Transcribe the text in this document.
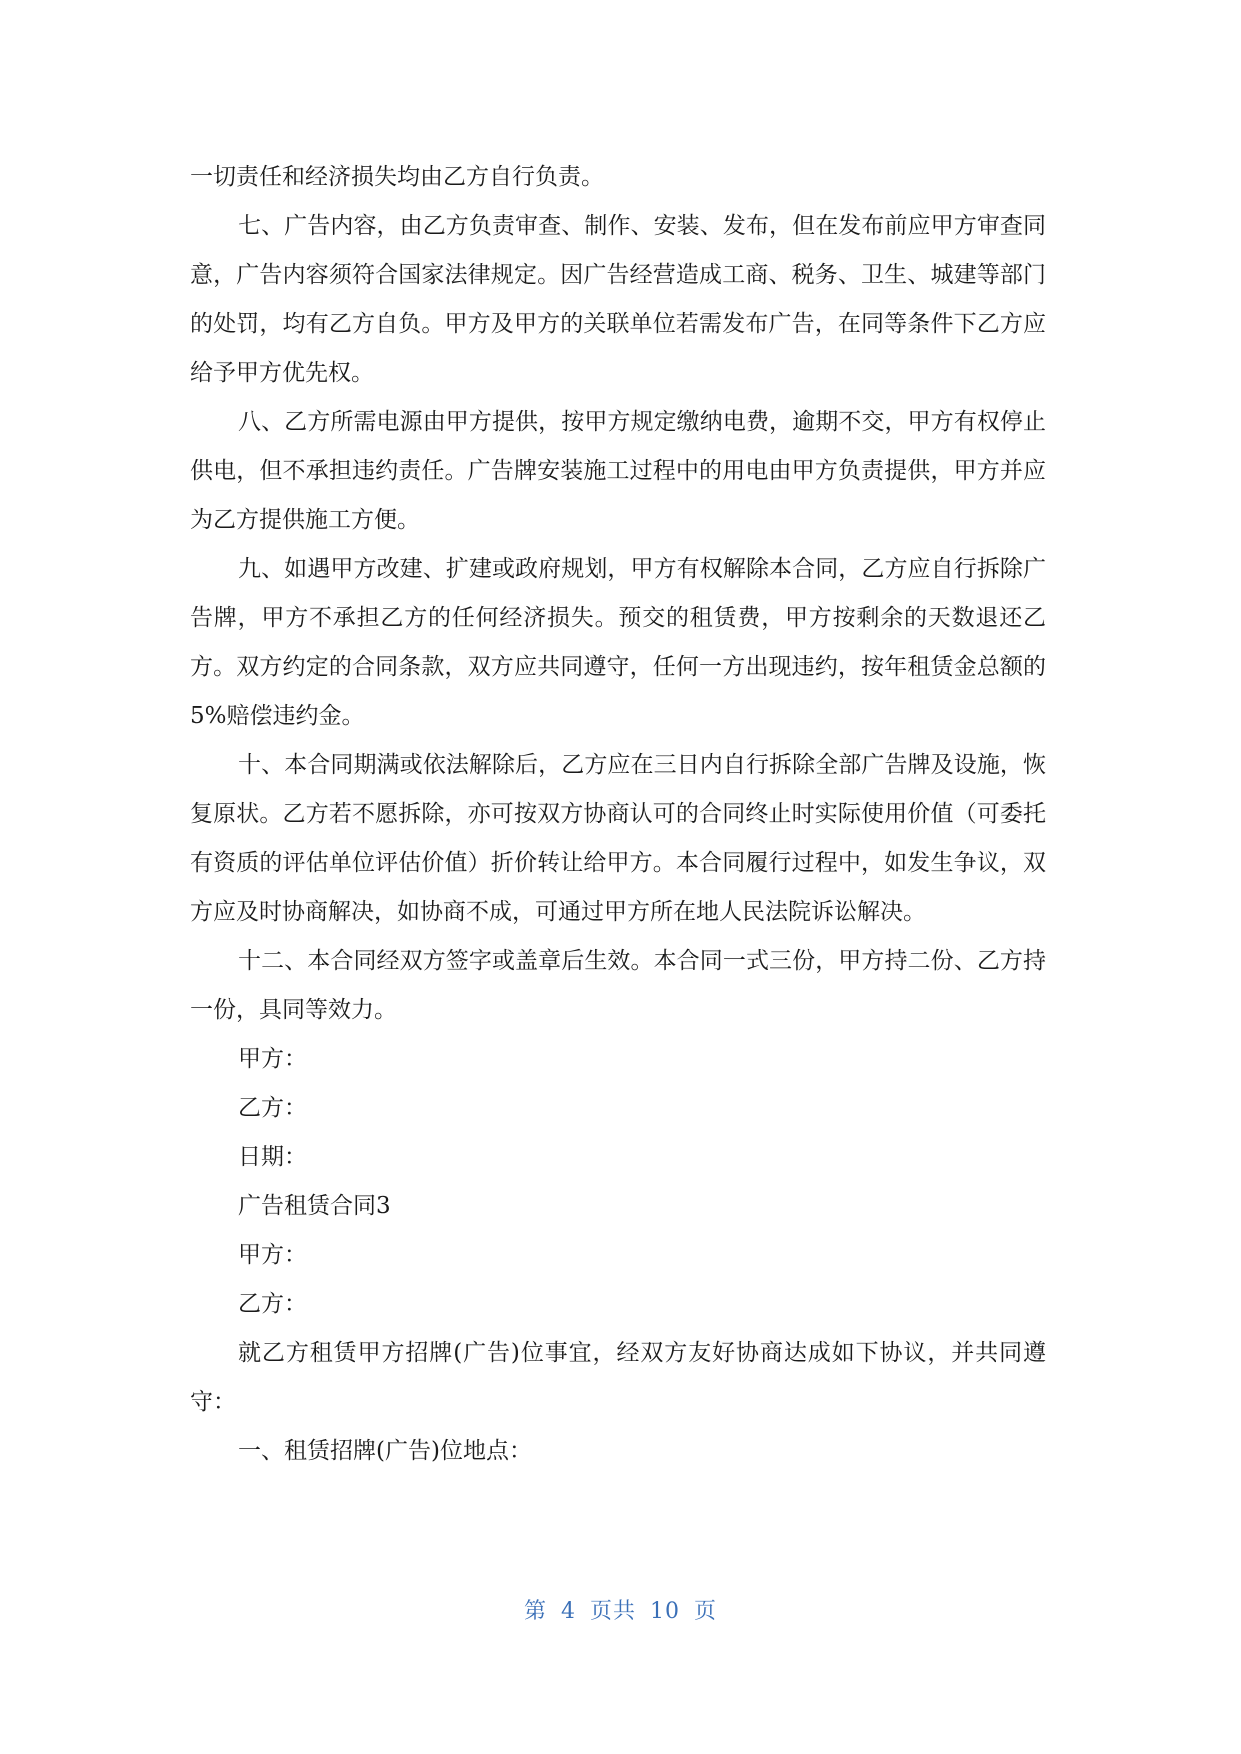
一切责任和经济损失均由乙方自行负责。

七、广告内容，由乙方负责审查、制作、安装、发布，但在发布前应甲方审查同意，广告内容须符合国家法律规定。因广告经营造成工商、税务、卫生、城建等部门的处罚，均有乙方自负。甲方及甲方的关联单位若需发布广告，在同等条件下乙方应给予甲方优先权。

八、乙方所需电源由甲方提供，按甲方规定缴纳电费，逾期不交，甲方有权停止供电，但不承担违约责任。广告牌安装施工过程中的用电由甲方负责提供，甲方并应为乙方提供施工方便。

九、如遇甲方改建、扩建或政府规划，甲方有权解除本合同，乙方应自行拆除广告牌，甲方不承担乙方的任何经济损失。预交的租赁费，甲方按剩余的天数退还乙方。双方约定的合同条款，双方应共同遵守，任何一方出现违约，按年租赁金总额的5%赔偿违约金。

十、本合同期满或依法解除后，乙方应在三日内自行拆除全部广告牌及设施，恢复原状。乙方若不愿拆除，亦可按双方协商认可的合同终止时实际使用价值（可委托有资质的评估单位评估价值）折价转让给甲方。本合同履行过程中，如发生争议，双方应及时协商解决，如协商不成，可通过甲方所在地人民法院诉讼解决。

十二、本合同经双方签字或盖章后生效。本合同一式三份，甲方持二份、乙方持一份，具同等效力。

甲方：

乙方：

日期：

广告租赁合同3

甲方：

乙方：

就乙方租赁甲方招牌(广告)位事宜，经双方友好协商达成如下协议，并共同遵守：

一、租赁招牌(广告)位地点：

第 4 页共 10 页
